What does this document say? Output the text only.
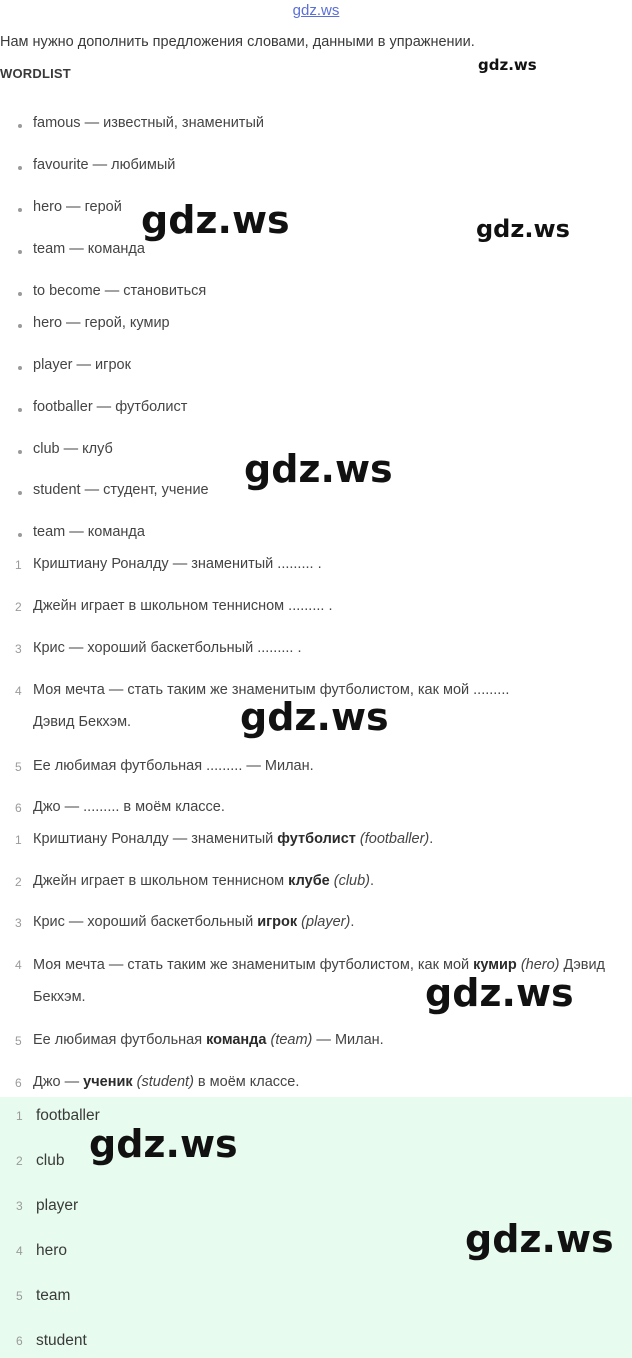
gdz.ws
Нам нужно дополнить предложения словами, данными в упражнении.
WORDLIST
famous — известный, знаменитый
favourite — любимый
hero — герой
team — команда
to become — становиться
hero — герой, кумир
player — игрок
footballer — футболист
club — клуб
student — студент, учение
team — команда
1 Криштиану Роналду — знаменитый ......... .
2 Джейн играет в школьном теннисном ......... .
3 Крис — хороший баскетбольный ......... .
4 Моя мечта — стать таким же знаменитым футболистом, как мой .........
Дэвид Бекхэм.
5 Ее любимая футбольная ......... — Милан.
6 Джо — ......... в моём классе.
1 Криштиану Роналду — знаменитый футболист (footballer).
2 Джейн играет в школьном теннисном клубе (club).
3 Крис — хороший баскетбольный игрок (player).
4 Моя мечта — стать таким же знаменитым футболистом, как мой кумир (hero) Дэвид Бекхэм.
5 Ее любимая футбольная команда (team) — Милан.
6 Джо — ученик (student) в моём классе.
1 footballer
2 club
3 player
4 hero
5 team
6 student
gdz.ws
gdz.ws	gdz.ws
gdz.ws
gdz.ws
gdz.ws
gdz.ws
gdz.ws
